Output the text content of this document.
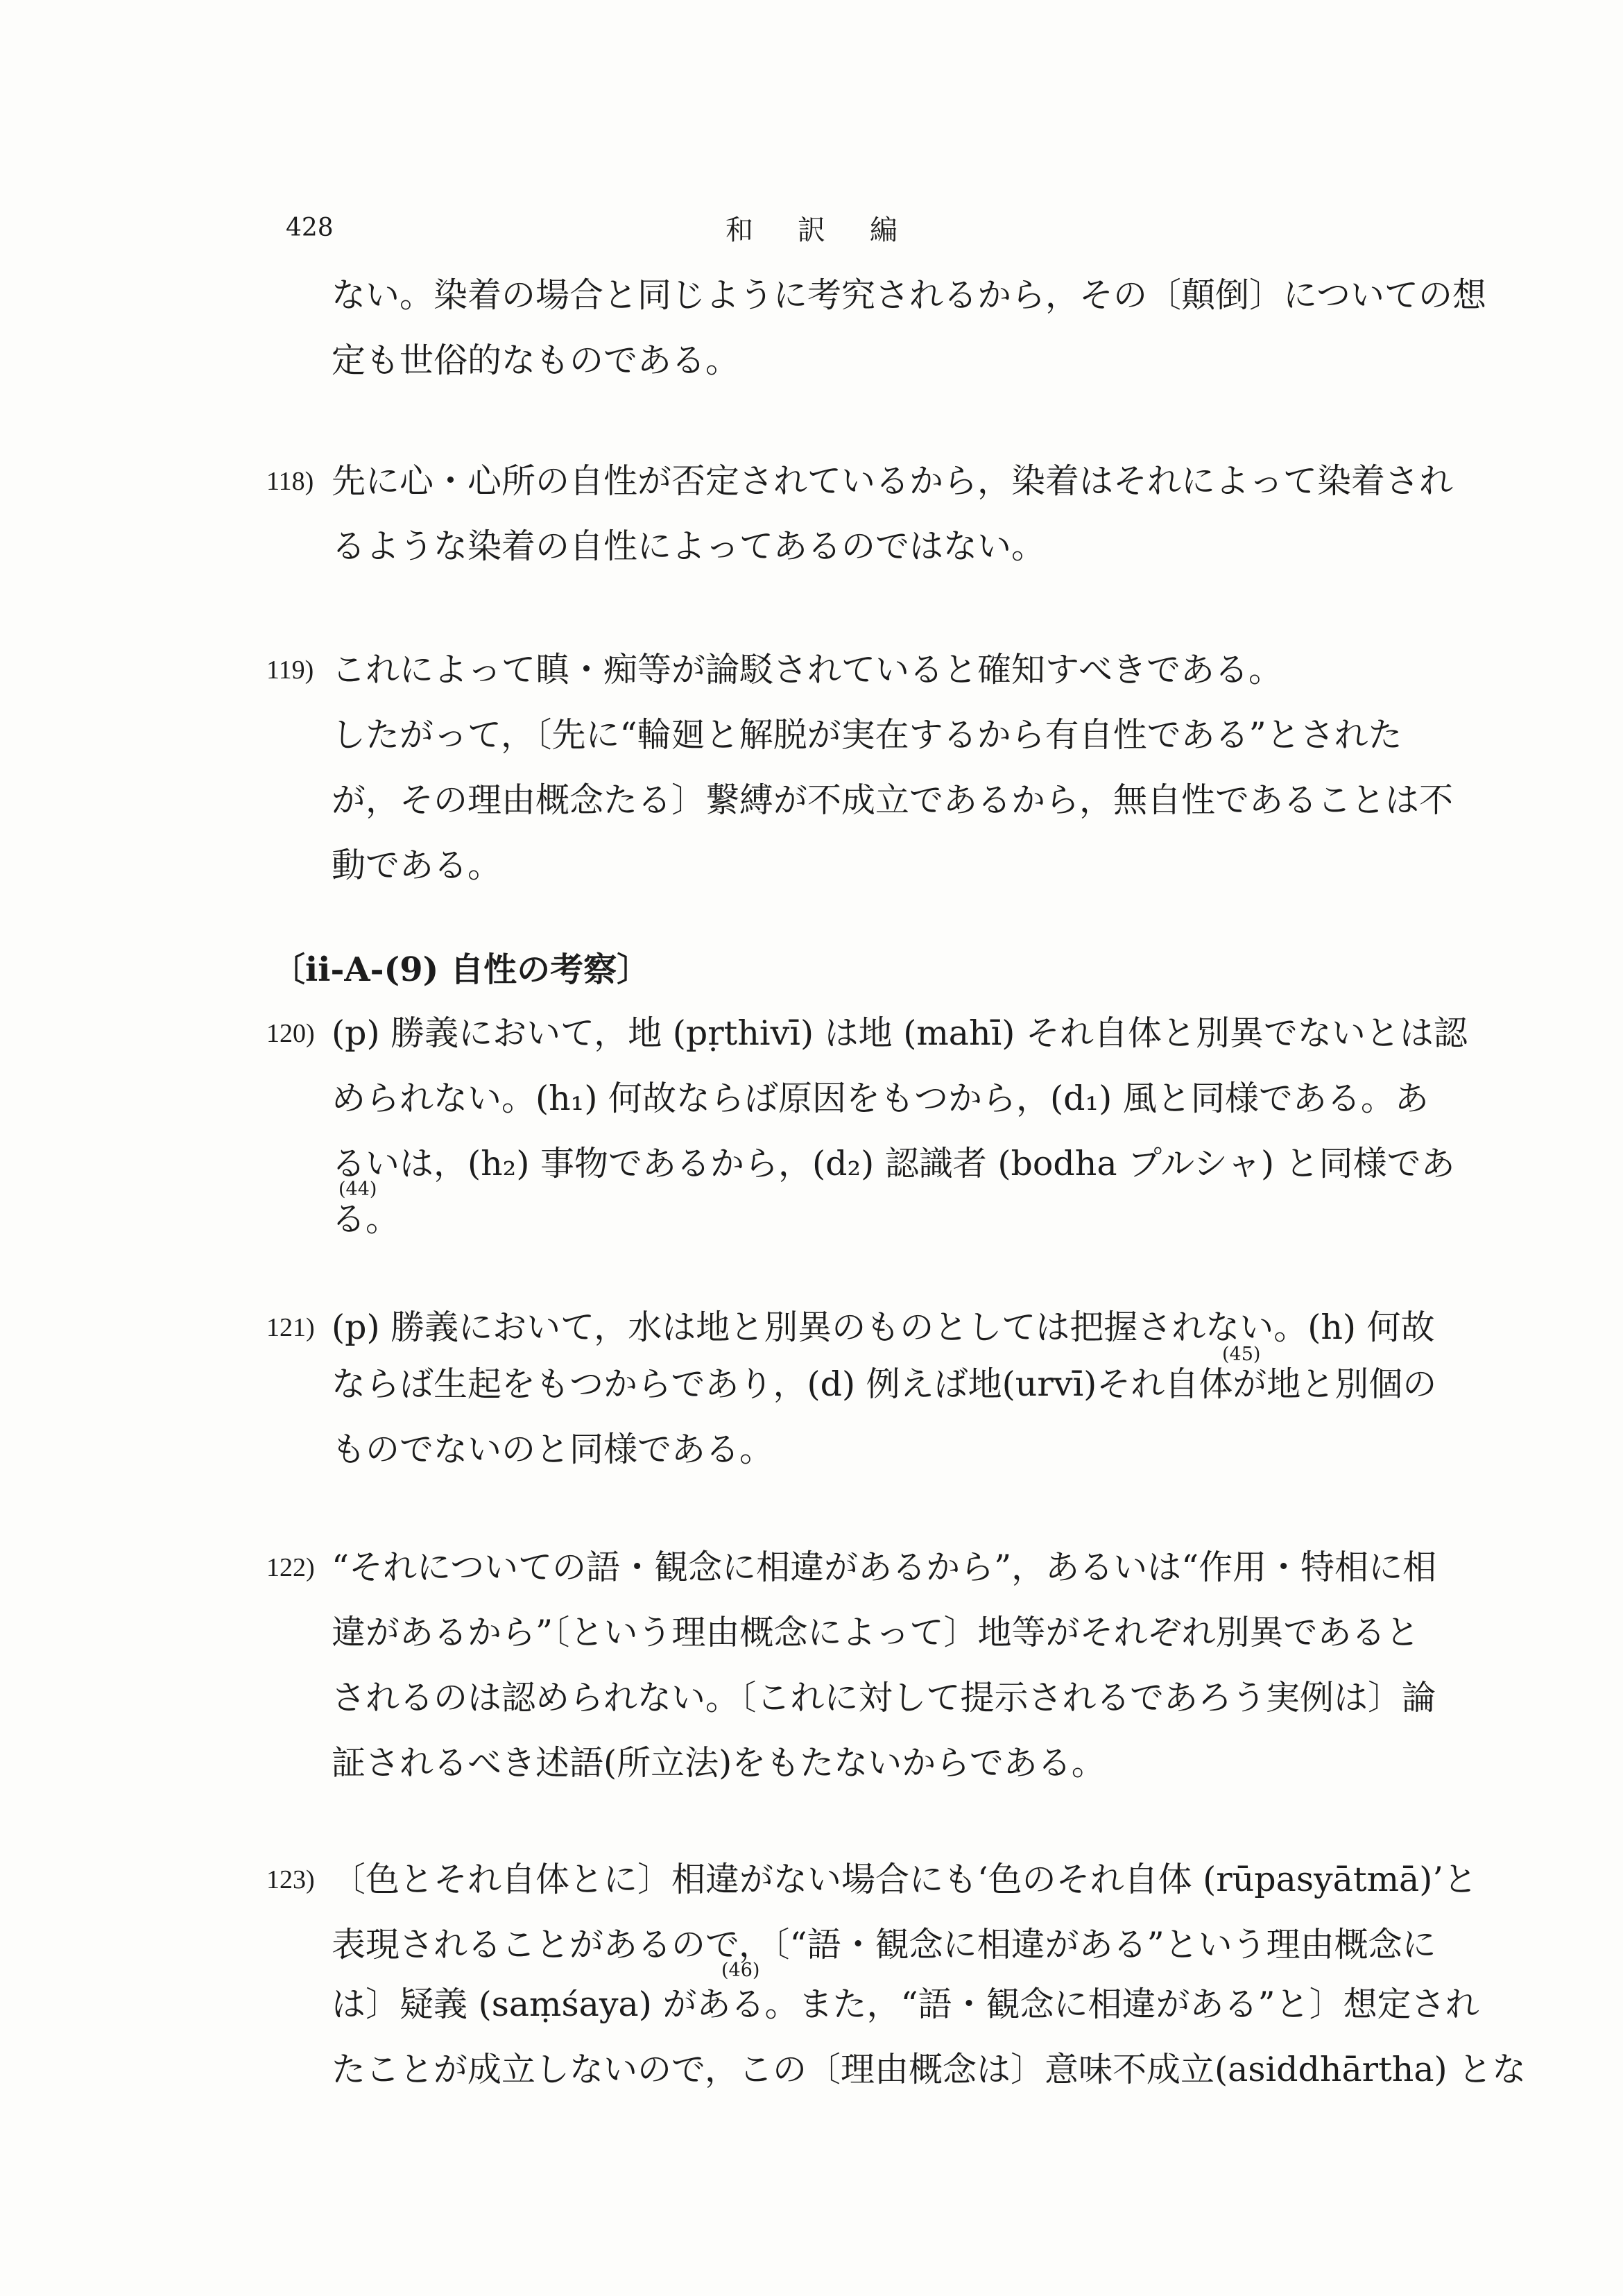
428	和訳編
ない。染着の場合と同じように考究されるから，その〔顛倒〕についての想
定も世俗的なものである。
118) 先に心・心所の自性が否定されているから，染着はそれによって染着され
るような染着の自性によってあるのではない。
119) これによって瞋・痴等が論駁されていると確知すべきである。
したがって，〔先に“輪廻と解脱が実在するから有自性である”とされた
が，その理由概念たる〕繋縛が不成立であるから，無自性であることは不
動である。
〔ii-A-(9) 自性の考察〕
120) (p) 勝義において，地 (pṛthivī) は地 (mahī) それ自体と別異でないとは認
められない。(h₁) 何故ならば原因をもつから，(d₁) 風と同様である。あ
るいは，(h₂) 事物であるから，(d₂) 認識者 (bodha プルシャ) と同様であ
(44)
る。
121) (p) 勝義において，水は地と別異のものとしては把握されない。(h) 何故
(45)
ならば生起をもつからであり，(d) 例えば地(urvī)それ自体が地と別個の
ものでないのと同様である。
122) “それについての語・観念に相違があるから”，あるいは“作用・特相に相
違があるから”〔という理由概念によって〕地等がそれぞれ別異であると
されるのは認められない。〔これに対して提示されるであろう実例は〕論
証されるべき述語(所立法)をもたないからである。
123) 〔色とそれ自体とに〕相違がない場合にも‘色のそれ自体 (rūpasyātmā)’と
表現されることがあるので，〔“語・観念に相違がある”という理由概念に
(46)
は〕疑義 (saṃśaya) がある。また，“語・観念に相違がある”と〕想定され
たことが成立しないので，この〔理由概念は〕意味不成立(asiddhārtha) とな
